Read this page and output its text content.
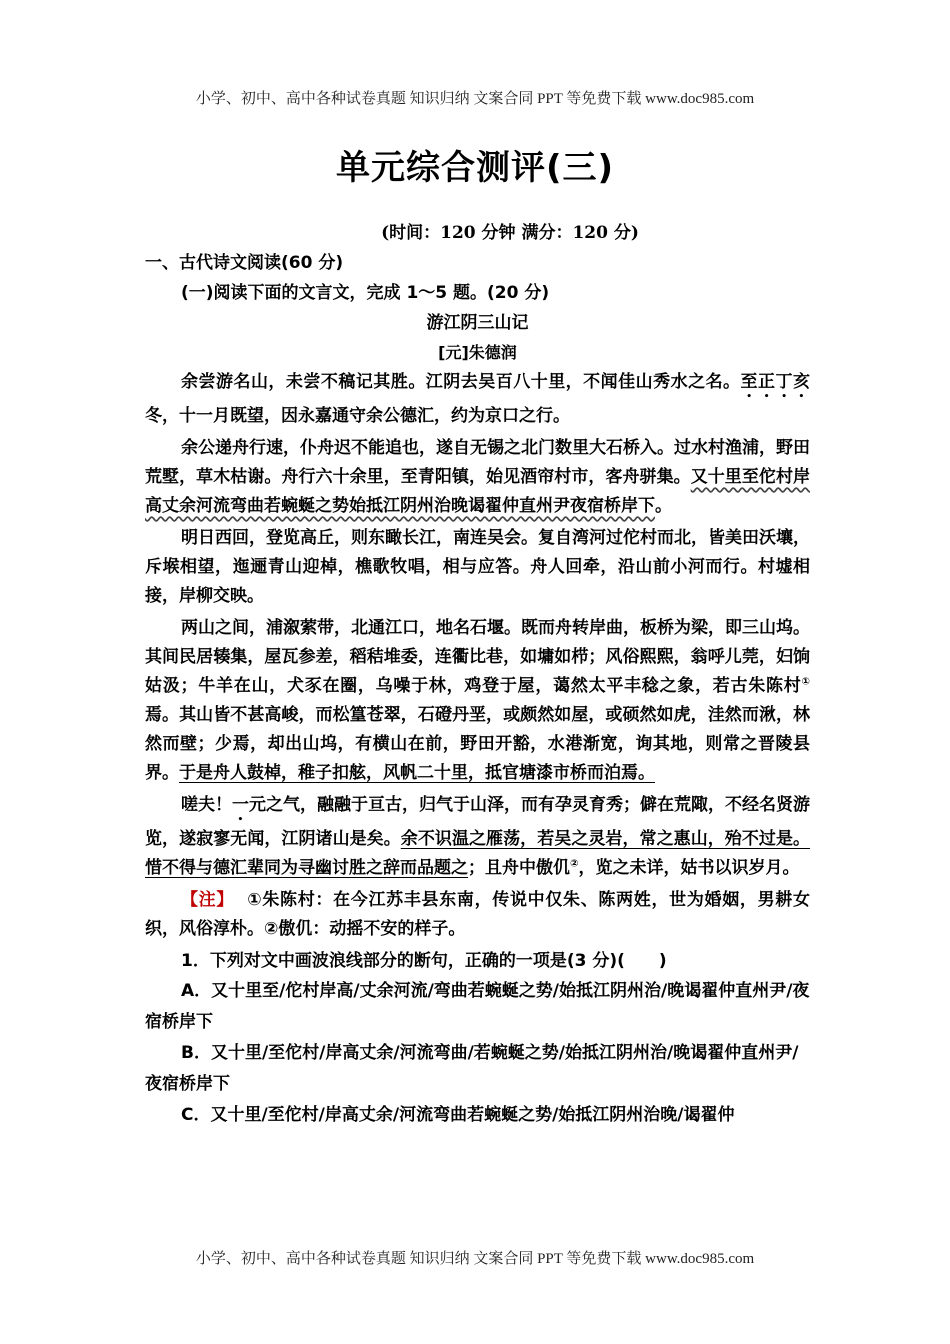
小学、初中、高中各种试卷真题 知识归纳 文案合同 PPT 等免费下载 www.doc985.com
单元综合测评(三)
(时间：120 分钟 满分：120 分)
一、古代诗文阅读(60 分)
(一)阅读下面的文言文，完成 1～5 题。(20 分)
游江阴三山记
[元]朱德润

余尝游名山，未尝不稿记其胜。江阴去吴百八十里，不闻佳山秀水之名。至正丁亥冬，十一月既望，因永嘉通守余公德汇，约为京口之行。

余公递舟行速，仆舟迟不能追也，遂自无锡之北门数里大石桥入。过水村渔浦，野田荒墅，草木枯谢。舟行六十余里，至青阳镇，始见酒帘村市，客舟骈集。又十里至佗村岸高丈余河流弯曲若蜿蜒之势始抵江阴州治晚谒翟仲直州尹夜宿桥岸下。

明日西回，登览高丘，则东瞰长江，南连吴会。复自湾河过佗村而北，皆美田沃壤，斥堠相望，迤逦青山迎棹，樵歌牧唱，相与应答。舟人回牵，沿山前小河而行。村墟相接，岸柳交映。

两山之间，浦溆萦带，北通江口，地名石堰。既而舟转岸曲，板桥为梁，即三山坞。其间民居辏集，屋瓦参差，稻秸堆委，连衢比巷，如墉如栉；风俗熙熙，翁呼儿莞，妇饷姑汲；牛羊在山，犬豕在圈，乌噪于林，鸡登于屋，蔼然太平丰稔之象，若古朱陈村①焉。其山皆不甚高峻，而松篁苍翠，石磴丹垩，或颇然如屋，或硕然如虎，洼然而湫，林然而壁；少焉，却出山坞，有横山在前，野田开豁，水港渐宽，询其地，则常之晋陵县界。于是舟人鼓棹，稚子扣舷，风帆二十里，抵官塘漆市桥而泊焉。

嗟夫！一元之气，融融于亘古，归气于山泽，而有孕灵育秀；僻在荒陬，不经名贤游览，遂寂寥无闻，江阴诸山是矣。余不识温之雁荡，若吴之灵岩，常之惠山，殆不过是。惜不得与德汇辈同为寻幽讨胜之辞而品题之；且舟中傲仉②，览之未详，姑书以识岁月。

【注】 ①朱陈村：在今江苏丰县东南，传说中仅朱、陈两姓，世为婚姻，男耕女织，风俗淳朴。②傲仉：动摇不安的样子。

1．下列对文中画波浪线部分的断句，正确的一项是(3 分)(　　)

A．又十里至/佗村岸高/丈余河流/弯曲若蜿蜒之势/始抵江阴州治/晚谒翟仲直州尹/夜宿桥岸下

B．又十里/至佗村/岸高丈余/河流弯曲/若蜿蜒之势/始抵江阴州治/晚谒翟仲直州尹/夜宿桥岸下

C．又十里/至佗村/岸高丈余/河流弯曲若蜿蜒之势/始抵江阴州治晚/谒翟仲

小学、初中、高中各种试卷真题 知识归纳 文案合同 PPT 等免费下载 www.doc985.com
